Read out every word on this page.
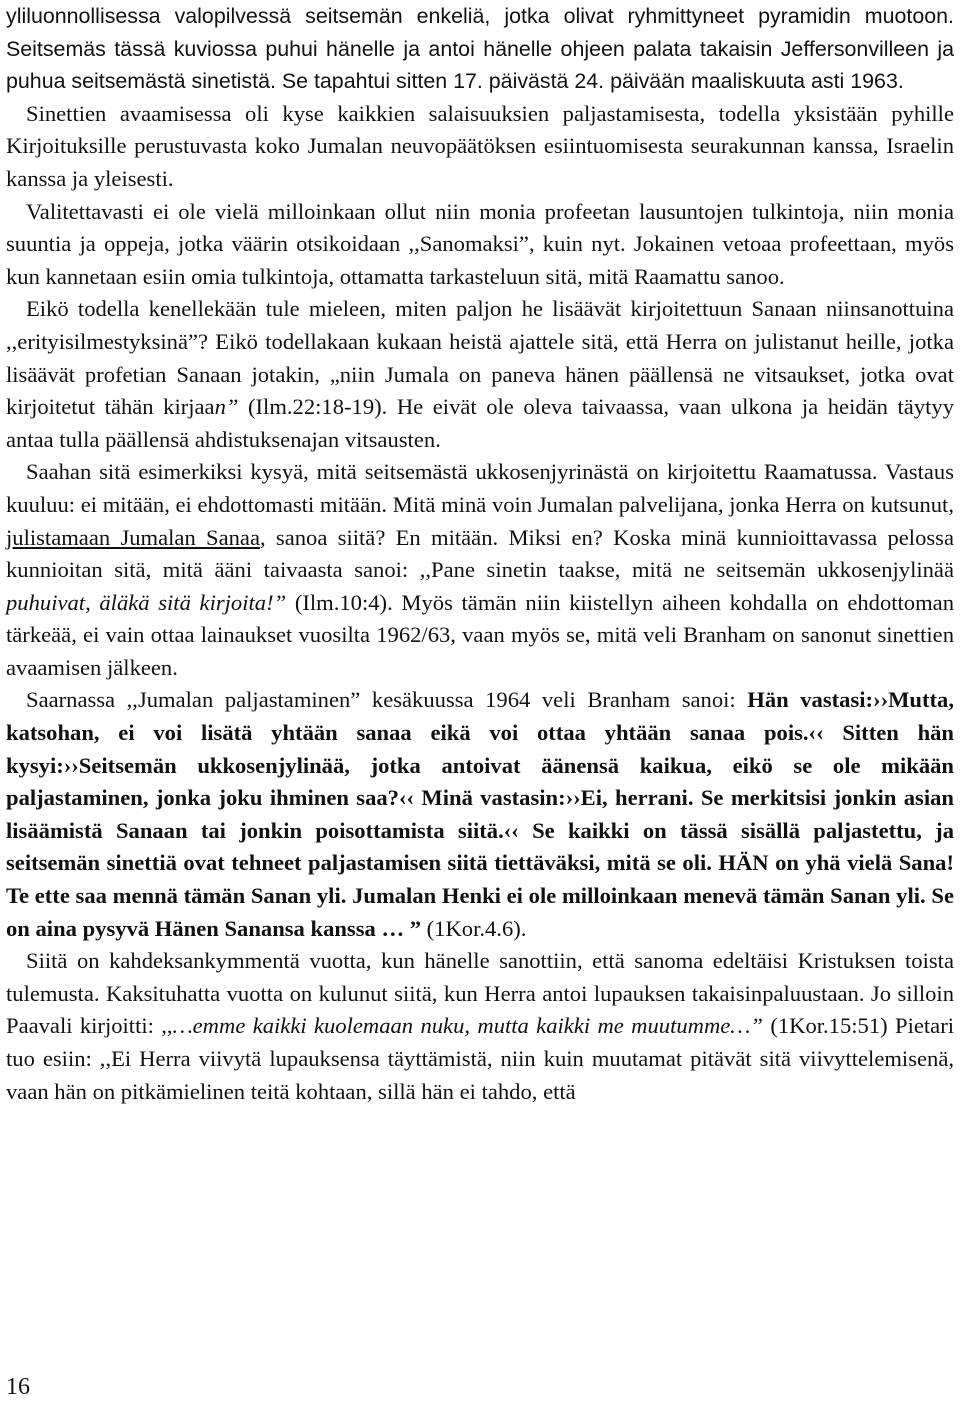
yliluonnollisessa valopilvessä seitsemän enkeliä, jotka olivat ryhmittyneet pyramidin muotoon. Seitsemäs tässä kuviossa puhui hänelle ja antoi hänelle ohjeen palata takaisin Jeffersonvilleen ja puhua seitsemästä sinetistä. Se tapahtui sitten 17. päivästä 24. päivään maaliskuuta asti 1963.

Sinettien avaamisessa oli kyse kaikkien salaisuuksien paljastamisesta, todella yksistään pyhille Kirjoituksille perustuvasta koko Jumalan neuvopäätöksen esiintuomisesta seurakunnan kanssa, Israelin kanssa ja yleisesti.

Valitettavasti ei ole vielä milloinkaan ollut niin monia profeetan lausuntojen tulkintoja, niin monia suuntia ja oppeja, jotka väärin otsikoidaan ,,Sanomaksi”, kuin nyt. Jokainen vetoaa profeettaan, myös kun kannetaan esiin omia tulkintoja, ottamatta tarkasteluun sitä, mitä Raamattu sanoo.

Eikö todella kenellekään tule mieleen, miten paljon he lisäävät kirjoitettuun Sanaan niinsanottuina ,,erityisilmestyksinä”? Eikö todellakaan kukaan heistä ajattele sitä, että Herra on julistanut heille, jotka lisäävät profetian Sanaan jotakin, „niin Jumala on paneva hänen päällensä ne vitsaukset, jotka ovat kirjoitetut tähän kirjaan” (Ilm.22:18-19). He eivät ole oleva taivaassa, vaan ulkona ja heidän täytyy antaa tulla päällensä ahdistuksenajan vitsausten.

Saahan sitä esimerkiksi kysyä, mitä seitsemästä ukkosenjyrinästä on kirjoitettu Raamatussa. Vastaus kuuluu: ei mitään, ei ehdottomasti mitään. Mitä minä voin Jumalan palvelijana, jonka Herra on kutsunut, julistamaan Jumalan Sanaa, sanoa siitä? En mitään. Miksi en? Koska minä kunnioittavassa pelossa kunnioitan sitä, mitä ääni taivaasta sanoi: ,,Pane sinetin taakse, mitä ne seitsemän ukkosenjylinää puhuivat, äläkä sitä kirjoita!” (Ilm.10:4). Myös tämän niin kiistellyn aiheen kohdalla on ehdottoman tärkeää, ei vain ottaa lainaukset vuosilta 1962/63, vaan myös se, mitä veli Branham on sanonut sinettien avaamisen jälkeen.

Saarnassa ,,Jumalan paljastaminen” kesäkuussa 1964 veli Branham sanoi: Hän vastasi:››Mutta, katsohan, ei voi lisätä yhtään sanaa eikä voi ottaa yhtään sanaa pois.‹‹ Sitten hän kysyi:››Seitsemän ukkosenjylinää, jotka antoivat äänensä kaikua, eikö se ole mikään paljastaminen, jonka joku ihminen saa?‹‹ Minä vastasin:››Ei, herrani. Se merkitsisi jonkin asian lisäämistä Sanaan tai jonkin poisottamista siitä.‹‹ Se kaikki on tässä sisällä paljastettu, ja seitsemän sinettiä ovat tehneet paljastamisen siitä tiettäväksi, mitä se oli. HÄN on yhä vielä Sana! Te ette saa mennä tämän Sanan yli. Jumalan Henki ei ole milloinkaan menevä tämän Sanan yli. Se on aina pysyvä Hänen Sanansa kanssa … ” (1Kor.4.6).

Siitä on kahdeksankymmentä vuotta, kun hänelle sanottiin, että sanoma edeltäisi Kristuksen toista tulemusta. Kaksituhatta vuotta on kulunut siitä, kun Herra antoi lupauksen takaisinpaluustaan. Jo silloin Paavali kirjoitti: ,,…emme kaikki kuolemaan nuku, mutta kaikki me muutumme…” (1Kor.15:51) Pietari tuo esiin: ,,Ei Herra viivytä lupauksensa täyttämistä, niin kuin muutamat pitävät sitä viivyttelemisenä, vaan hän on pitkämielinen teitä kohtaan, sillä hän ei tahdo, että

16
